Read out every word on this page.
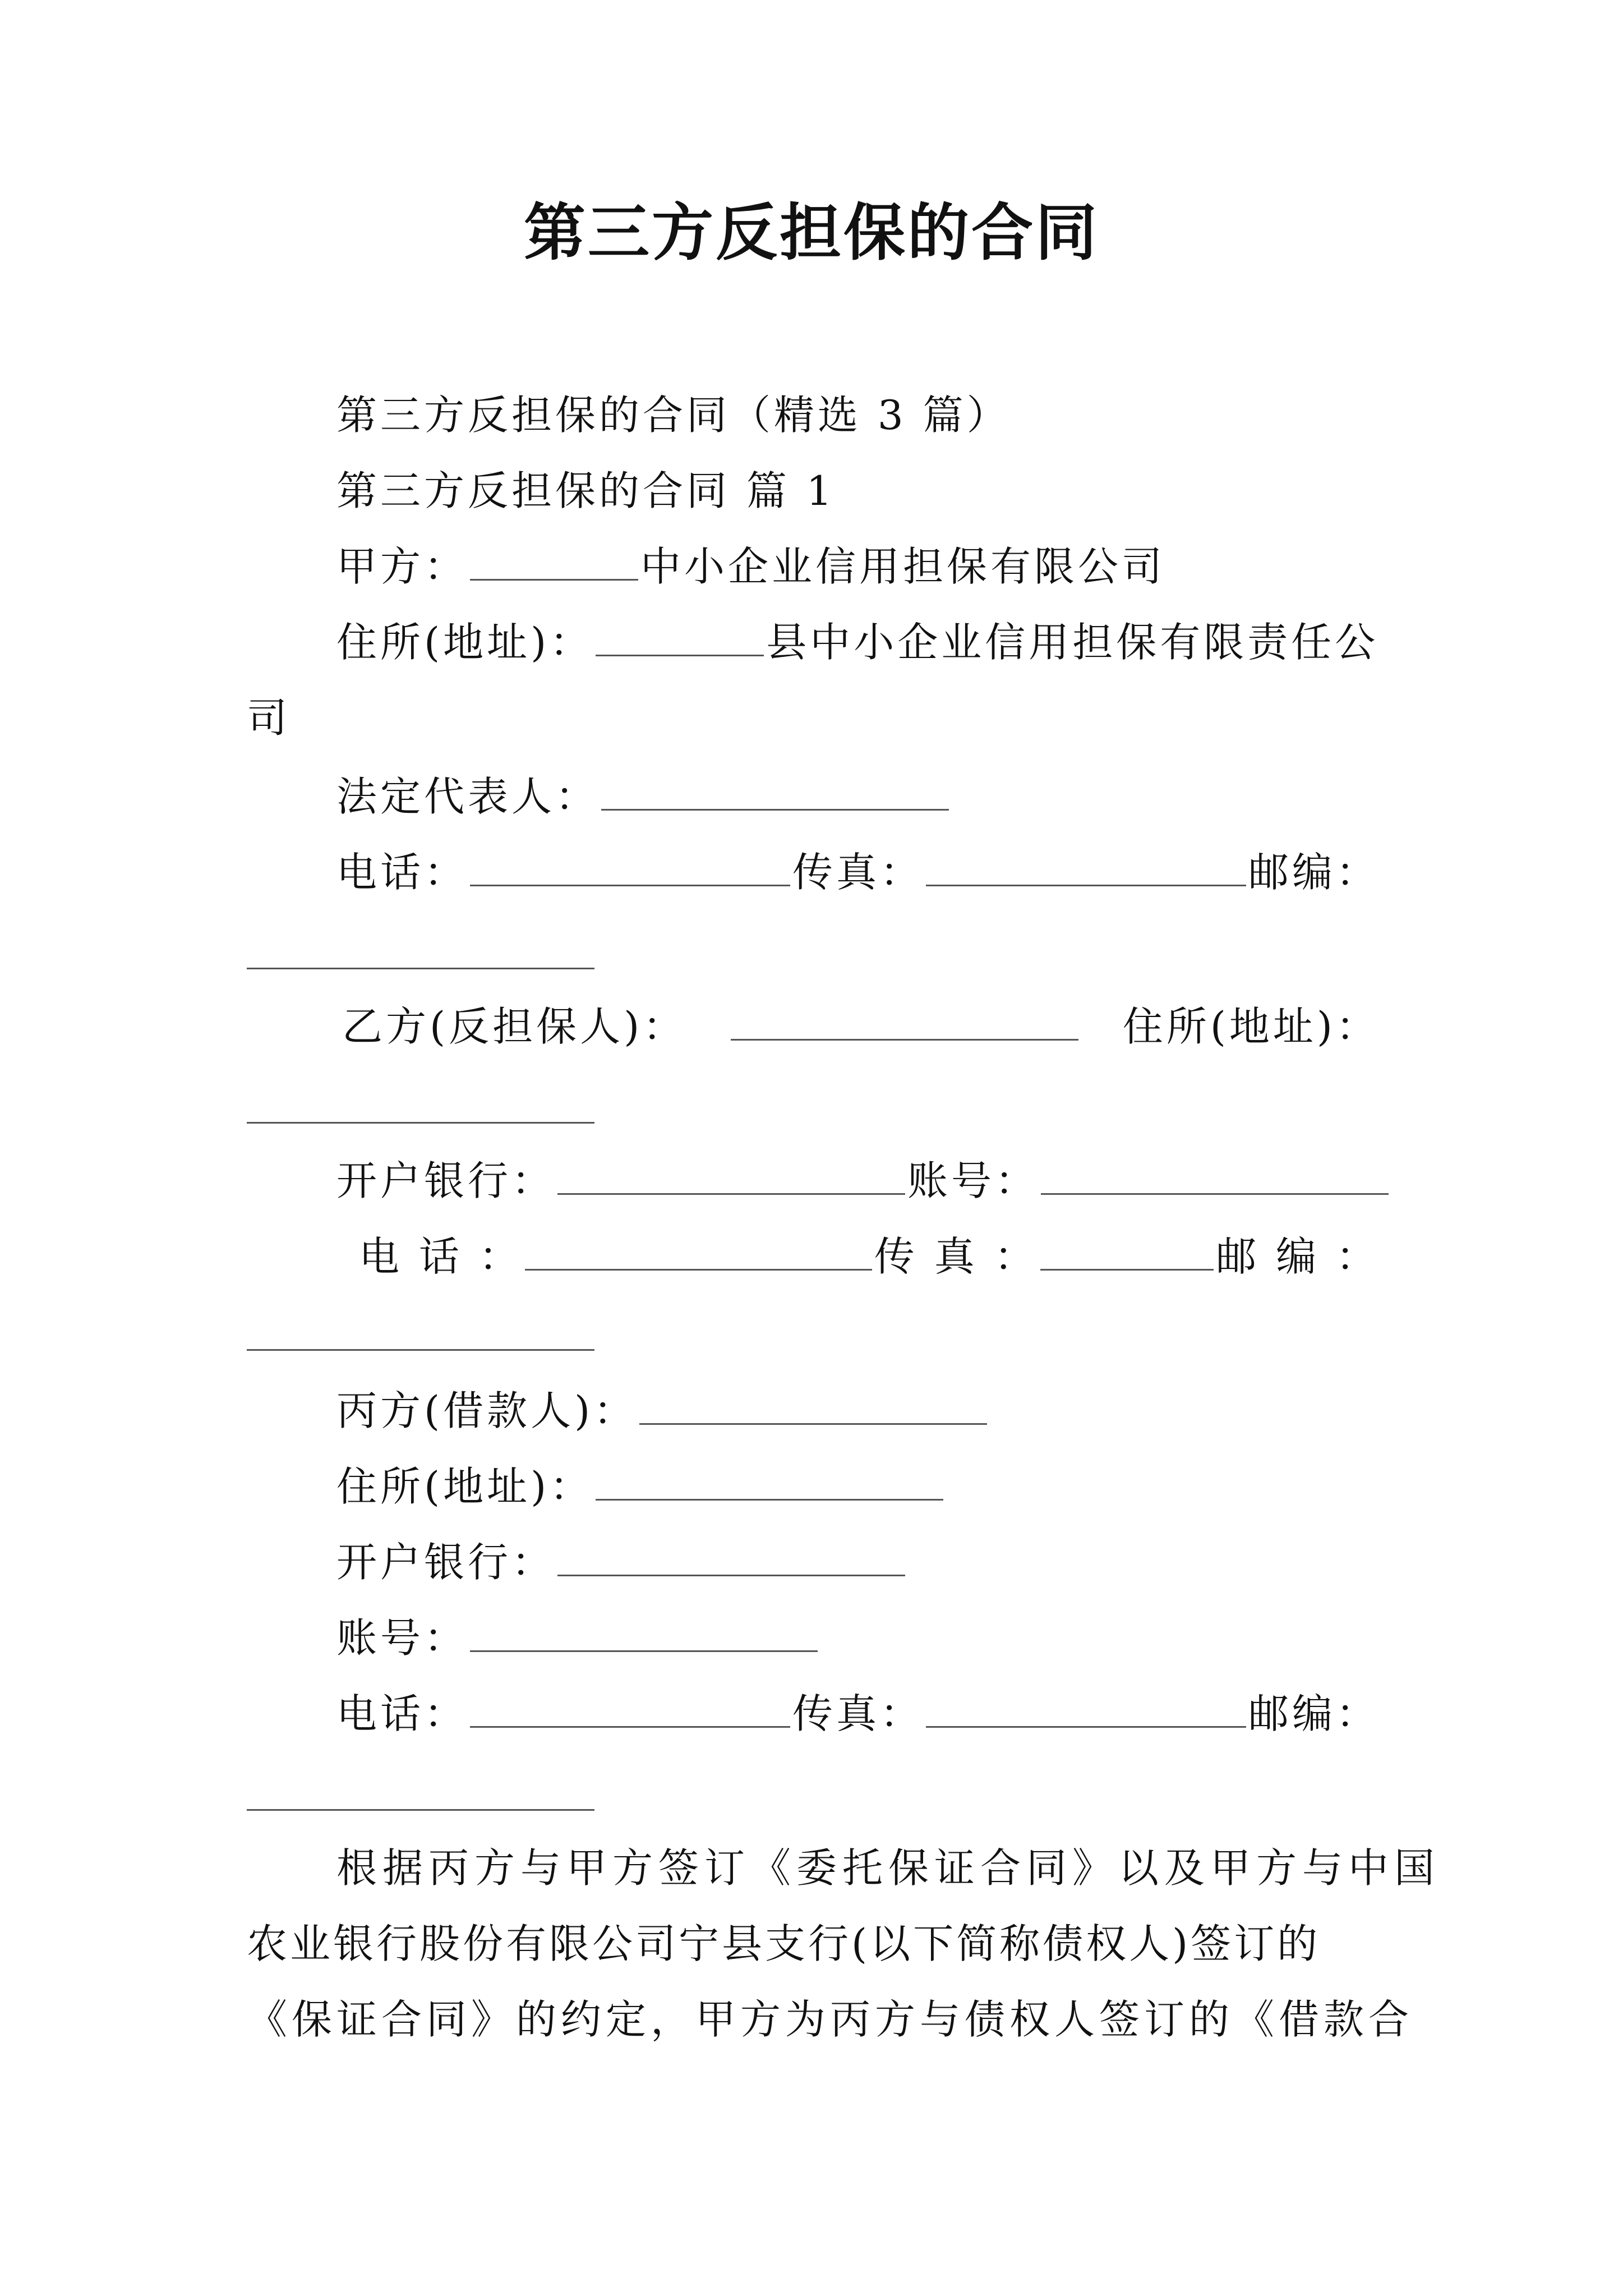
第三方反担保的合同
第三方反担保的合同（精选 3 篇）
第三方反担保的合同 篇 1
甲方：	中小企业信用担保有限公司
住所(地址)：	县中小企业信用担保有限责任公
司
法定代表人：
电话：	传真：	邮编：
乙方(反担保人)：	住所(地址)：
开户银行：	账号：
电 话 ：	传 真 ：	邮 编 ：
丙方(借款人)：
住所(地址)：
开户银行：
账号：
电话：	传真：	邮编：
根据丙方与甲方签订《委托保证合同》以及甲方与中国
农业银行股份有限公司宁县支行(以下简称债权人)签订的
《保证合同》的约定，甲方为丙方与债权人签订的《借款合
